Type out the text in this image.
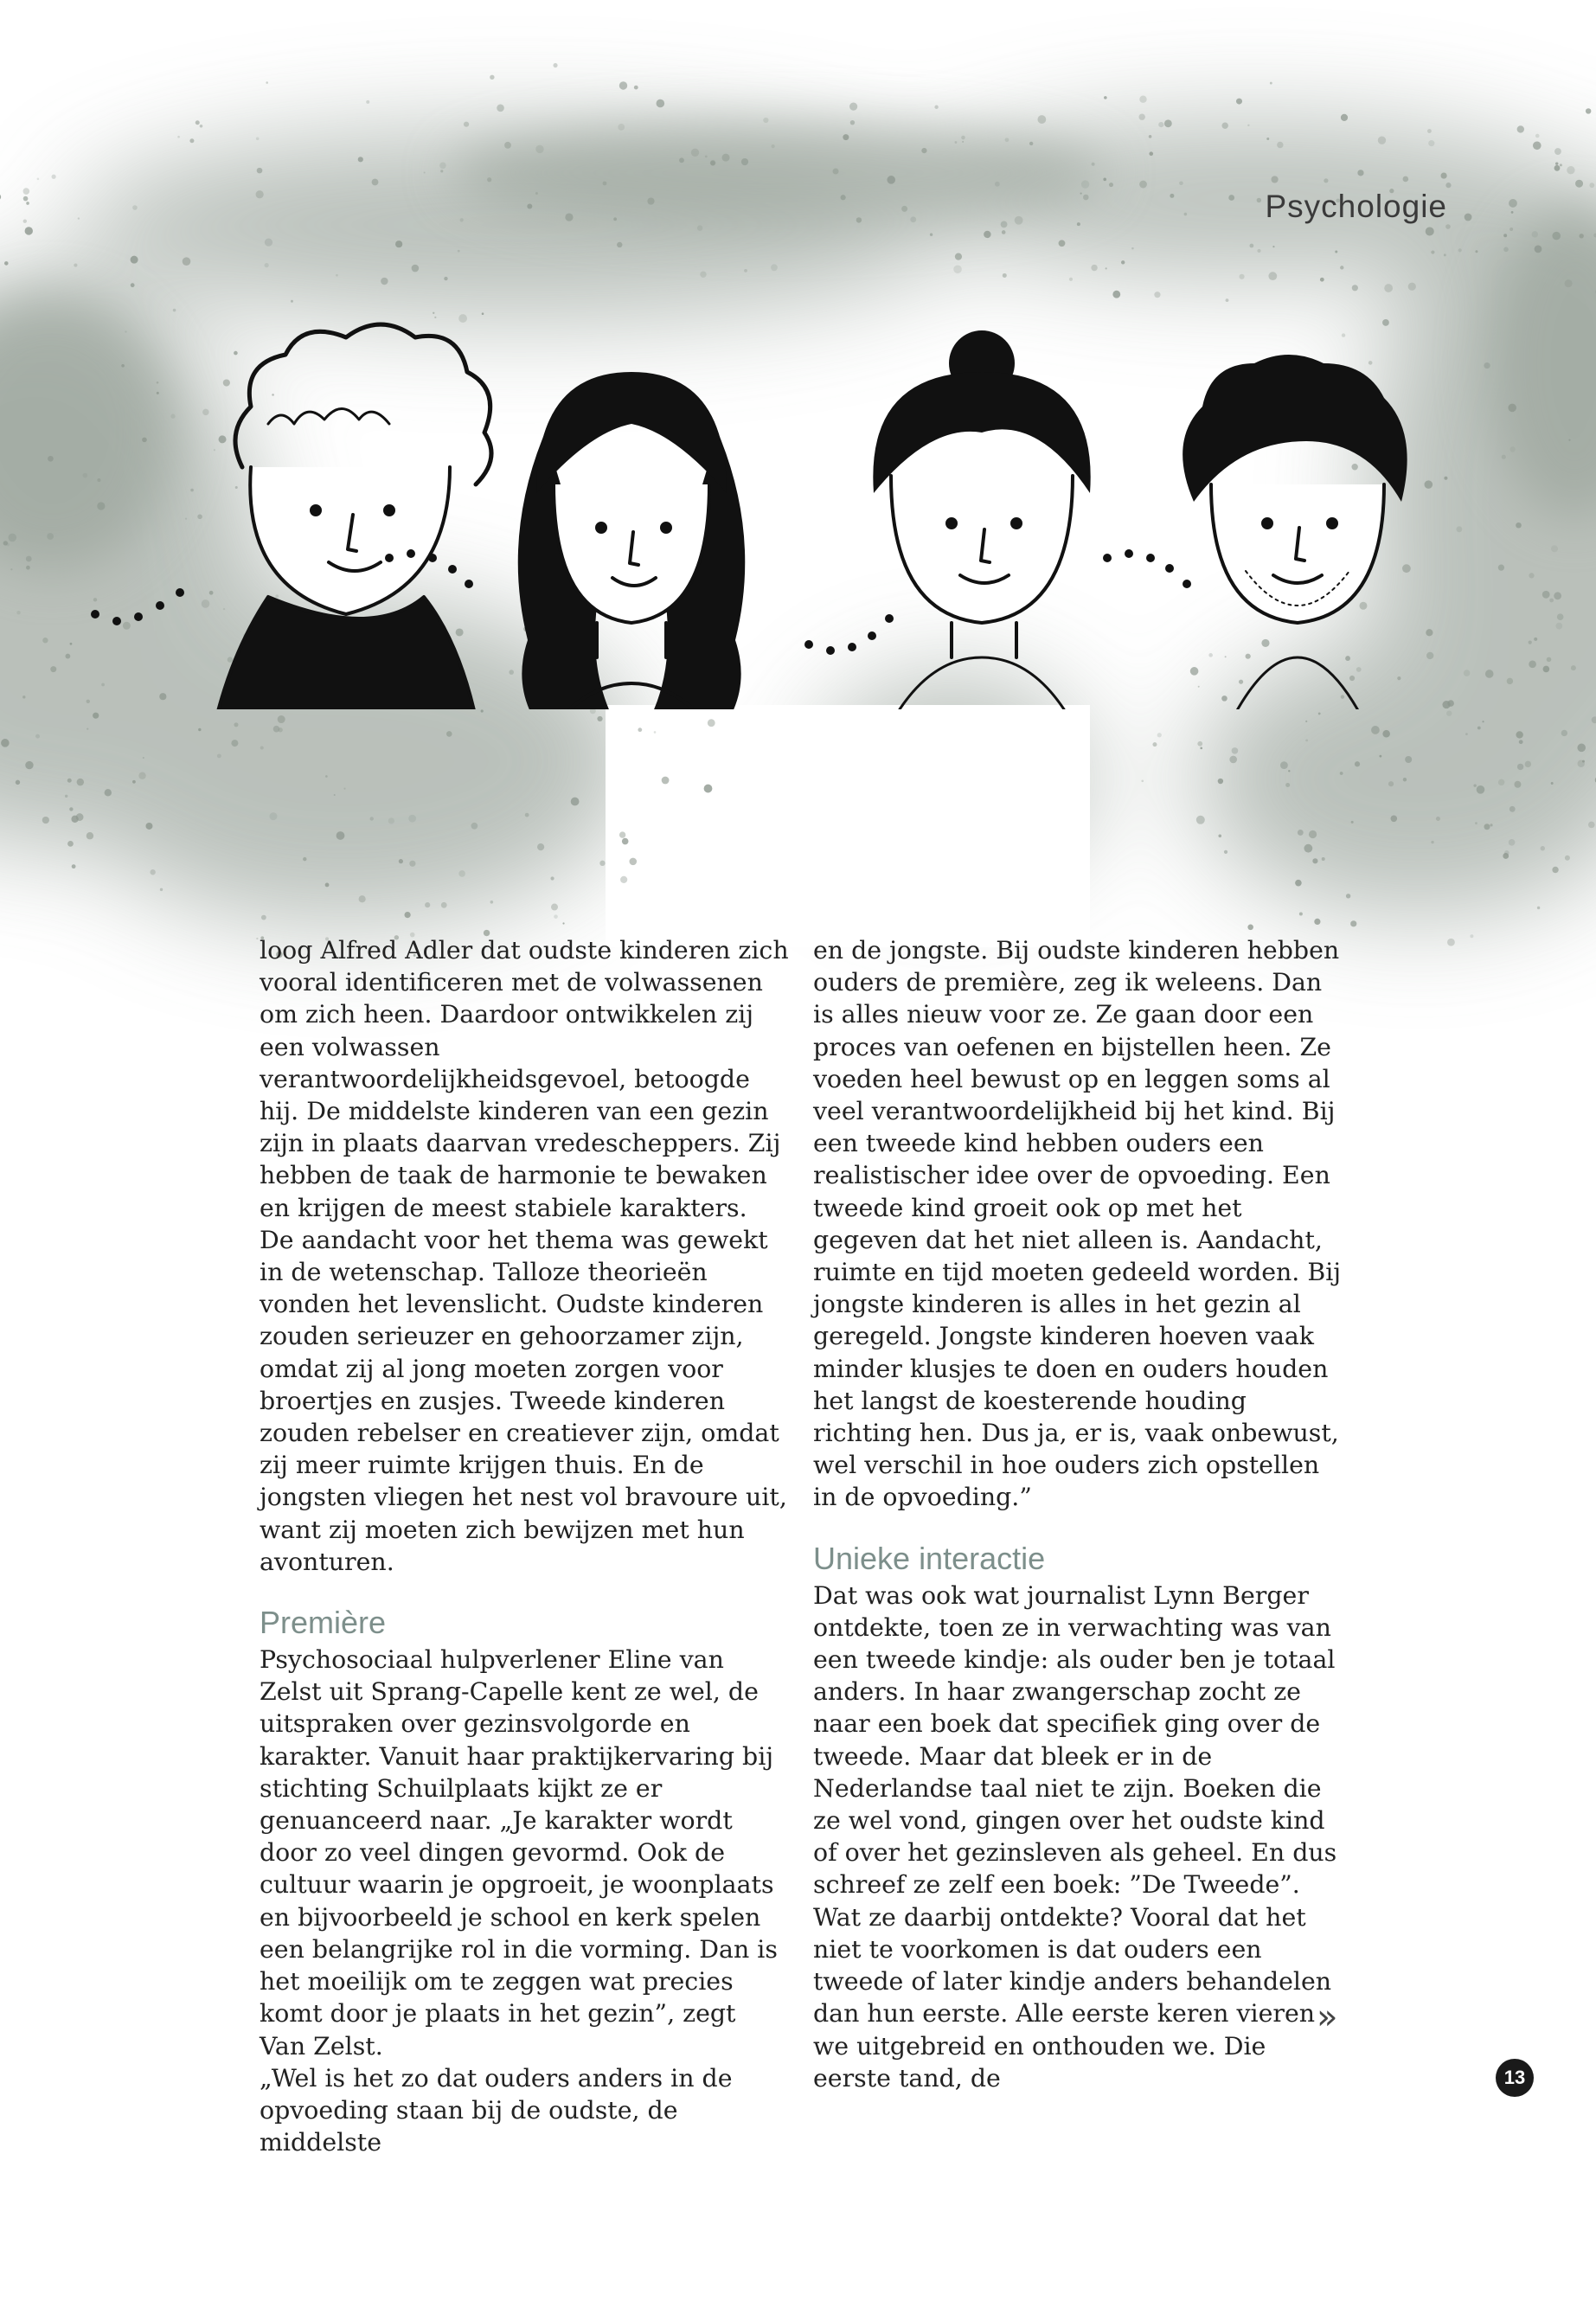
Psychologie

loog Alfred Adler dat oudste kinderen zich vooral identificeren met de volwassenen om zich heen. Daardoor ontwikkelen zij een volwassen verantwoordelijkheidsgevoel, betoogde hij. De middelste kinderen van een gezin zijn in plaats daarvan vredescheppers. Zij hebben de taak de harmonie te bewaken en krijgen de meest stabiele karakters.

De aandacht voor het thema was gewekt in de wetenschap. Talloze theorieën vonden het levenslicht. Oudste kinderen zouden serieuzer en gehoorzamer zijn, omdat zij al jong moeten zorgen voor broertjes en zusjes. Tweede kinderen zouden rebelser en creatiever zijn, omdat zij meer ruimte krijgen thuis. En de jongsten vliegen het nest vol bravoure uit, want zij moeten zich bewijzen met hun avonturen.

Première

Psychosociaal hulpverlener Eline van Zelst uit Sprang-Capelle kent ze wel, de uitspraken over gezinsvolgorde en karakter. Vanuit haar praktijkervaring bij stichting Schuilplaats kijkt ze er genuanceerd naar. „Je karakter wordt door zo veel dingen gevormd. Ook de cultuur waarin je opgroeit, je woonplaats en bijvoorbeeld je school en kerk spelen een belangrijke rol in die vorming. Dan is het moeilijk om te zeggen wat precies komt door je plaats in het gezin”, zegt Van Zelst.

„Wel is het zo dat ouders anders in de opvoeding staan bij de oudste, de middelste

en de jongste. Bij oudste kinderen hebben ouders de première, zeg ik weleens. Dan is alles nieuw voor ze. Ze gaan door een proces van oefenen en bijstellen heen. Ze voeden heel bewust op en leggen soms al veel verantwoordelijkheid bij het kind. Bij een tweede kind hebben ouders een realistischer idee over de opvoeding. Een tweede kind groeit ook op met het gegeven dat het niet alleen is. Aandacht, ruimte en tijd moeten gedeeld worden. Bij jongste kinderen is alles in het gezin al geregeld. Jongste kinderen hoeven vaak minder klusjes te doen en ouders houden het langst de koesterende houding richting hen. Dus ja, er is, vaak onbewust, wel verschil in hoe ouders zich opstellen in de opvoeding.”

Unieke interactie

Dat was ook wat journalist Lynn Berger ontdekte, toen ze in verwachting was van een tweede kindje: als ouder ben je totaal anders. In haar zwangerschap zocht ze naar een boek dat specifiek ging over de tweede. Maar dat bleek er in de Nederlandse taal niet te zijn. Boeken die ze wel vond, gingen over het oudste kind of over het gezinsleven als geheel. En dus schreef ze zelf een boek: ”De Tweede”.

Wat ze daarbij ontdekte? Vooral dat het niet te voorkomen is dat ouders een tweede of later kindje anders behandelen dan hun eerste. Alle eerste keren vieren we uitgebreid en onthouden we. Die eerste tand, de

»
13
